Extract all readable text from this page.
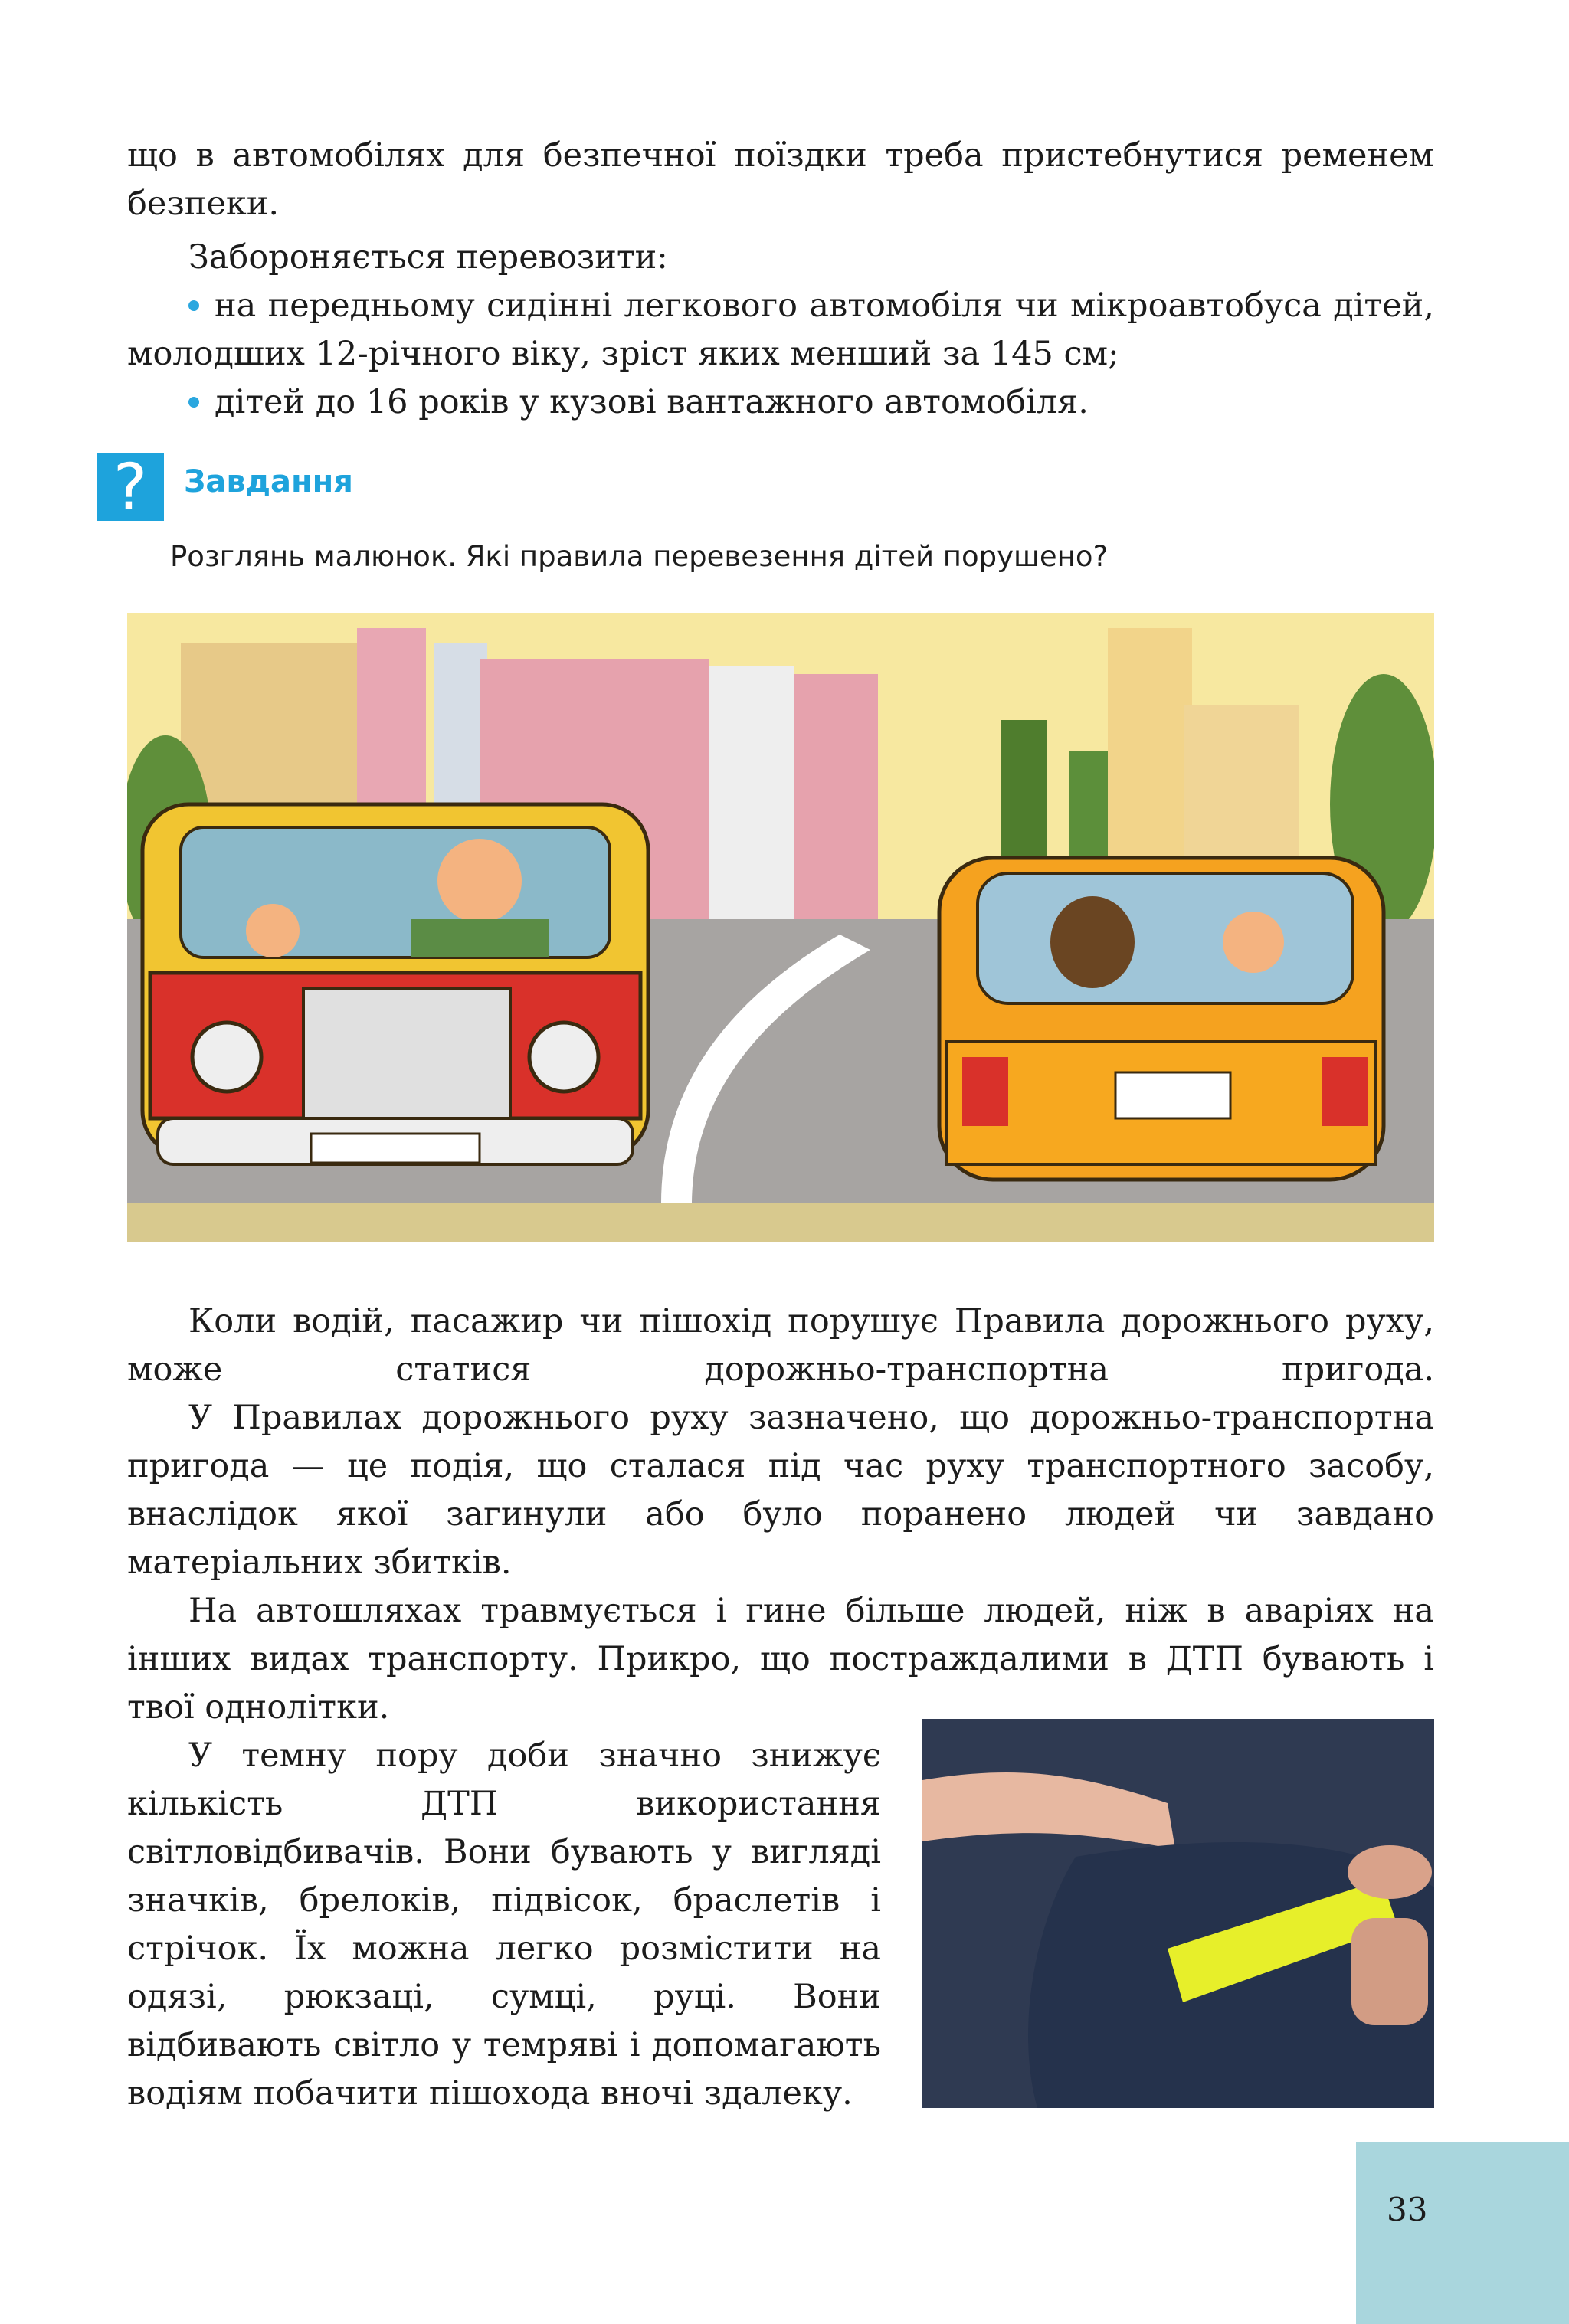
що в автомобілях для безпечної поїздки треба пристебнутися ременем безпеки.

Забороняється перевозити:

на передньому сидінні легкового автомобіля чи мікроавтобуса дітей, молодших 12-річного віку, зріст яких менший за 145 см;

дітей до 16 років у кузові вантажного автомобіля.

?	Завдання
Розглянь малюнок. Які правила перевезення дітей порушено?

Коли водій, пасажир чи пішохід порушує Правила дорожнього руху, може статися дорожньо-транспортна пригода.

У Правилах дорожнього руху зазначено, що дорожньо-транспортна пригода — це подія, що сталася під час руху транспортного засобу, внаслідок якої загинули або було поранено людей чи завдано матеріальних збитків.

На автошляхах травмується і гине більше людей, ніж в аваріях на інших видах транспорту. Прикро, що постраждалими в ДТП бувають і твої однолітки.

У темну пору доби значно знижує кількість ДТП використання світловідбивачів. Вони бувають у вигляді значків, брелоків, підвісок, браслетів і стрічок. Їх можна легко розмістити на одязі, рюкзаці, сумці, руці. Вони відбивають світло у темряві і допомагають водіям побачити пішохода вночі здалеку.

33
